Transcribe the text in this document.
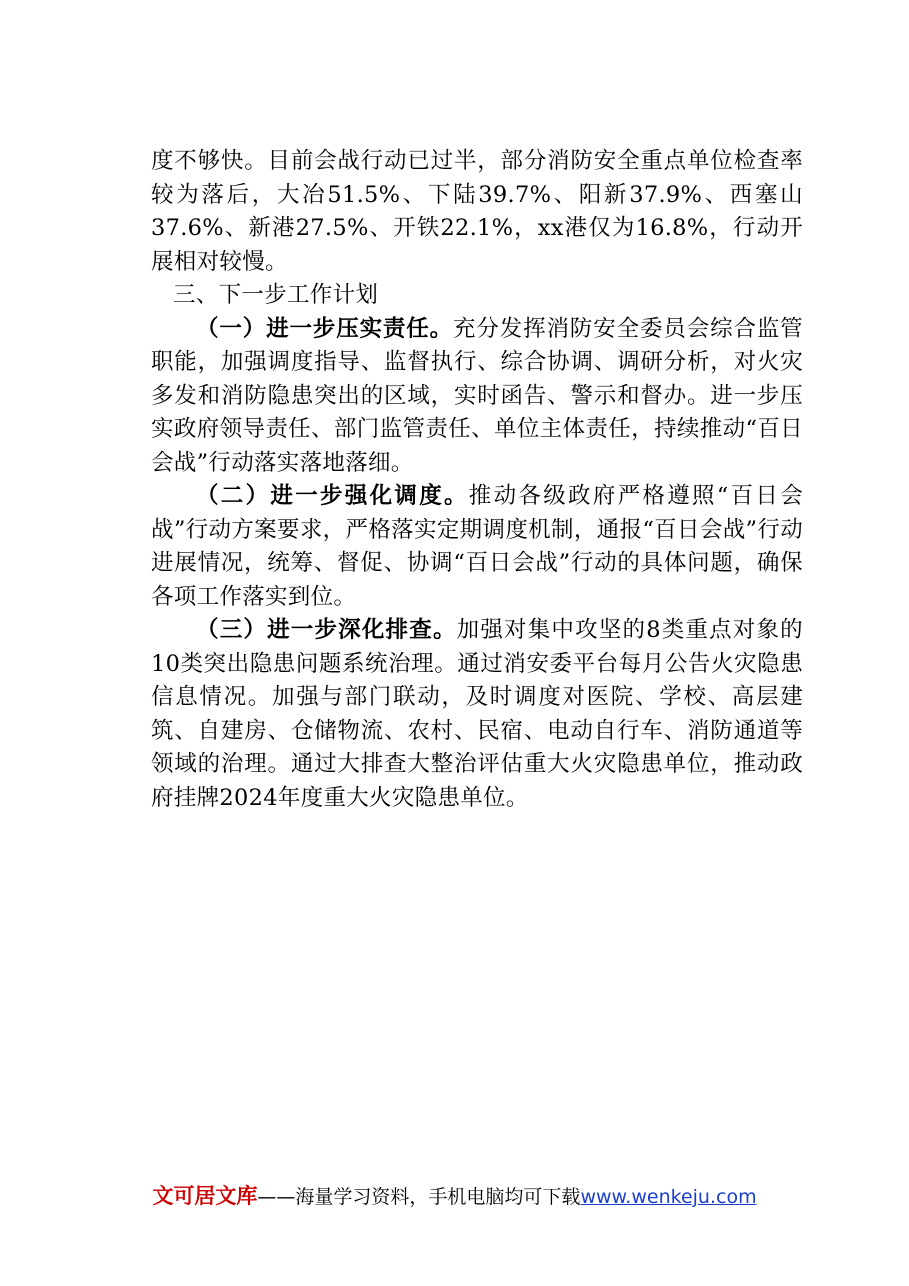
度不够快。目前会战行动已过半，部分消防安全重点单位检查率较为落后，大冶51.5%、下陆39.7%、阳新37.9%、西塞山37.6%、新港27.5%、开铁22.1%，xx港仅为16.8%，行动开展相对较慢。

三、下一步工作计划

（一）进一步压实责任。充分发挥消防安全委员会综合监管职能，加强调度指导、监督执行、综合协调、调研分析，对火灾多发和消防隐患突出的区域，实时函告、警示和督办。进一步压实政府领导责任、部门监管责任、单位主体责任，持续推动“百日会战”行动落实落地落细。

（二）进一步强化调度。推动各级政府严格遵照“百日会战”行动方案要求，严格落实定期调度机制，通报“百日会战”行动进展情况，统筹、督促、协调“百日会战”行动的具体问题，确保各项工作落实到位。

（三）进一步深化排查。加强对集中攻坚的8类重点对象的10类突出隐患问题系统治理。通过消安委平台每月公告火灾隐患信息情况。加强与部门联动，及时调度对医院、学校、高层建筑、自建房、仓储物流、农村、民宿、电动自行车、消防通道等领域的治理。通过大排查大整治评估重大火灾隐患单位，推动政府挂牌2024年度重大火灾隐患单位。

文可居文库——海量学习资料，手机电脑均可下载www.wenkeju.com
